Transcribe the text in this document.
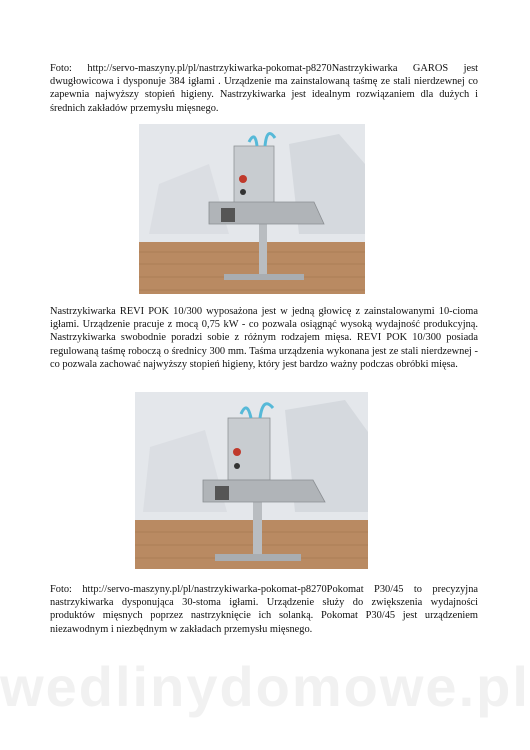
Foto: http://servo-maszyny.pl/pl/nastrzykiwarka-pokomat-p8270Nastrzykiwarka GAROS jest dwugłowicowa i dysponuje 384 igłami . Urządzenie ma zainstalowaną taśmę ze stali nierdzewnej co zapewnia najwyższy stopień higieny. Nastrzykiwarka jest idealnym rozwiązaniem dla dużych i średnich zakładów przemysłu mięsnego.

Nastrzykiwarka REVI POK 10/300 wyposażona jest w jedną głowicę z zainstalowanymi 10-cioma igłami. Urządzenie pracuje z mocą 0,75 kW - co pozwala osiągnąć wysoką wydajność produkcyjną. Nastrzykiwarka swobodnie poradzi sobie z różnym rodzajem mięsa. REVI POK 10/300 posiada regulowaną taśmę roboczą o średnicy 300 mm. Taśma urządzenia wykonana jest ze stali nierdzewnej -co pozwala zachować najwyższy stopień higieny, który jest bardzo ważny podczas obróbki mięsa.

Foto: http://servo-maszyny.pl/pl/nastrzykiwarka-pokomat-p8270Pokomat P30/45 to precyzyjna nastrzykiwarka dysponująca 30-stoma igłami. Urządzenie służy do zwiększenia wydajności produktów mięsnych poprzez nastrzyknięcie ich solanką. Pokomat P30/45 jest urządzeniem niezawodnym i niezbędnym w zakładach przemysłu mięsnego.

wedlinydomowe.pl
